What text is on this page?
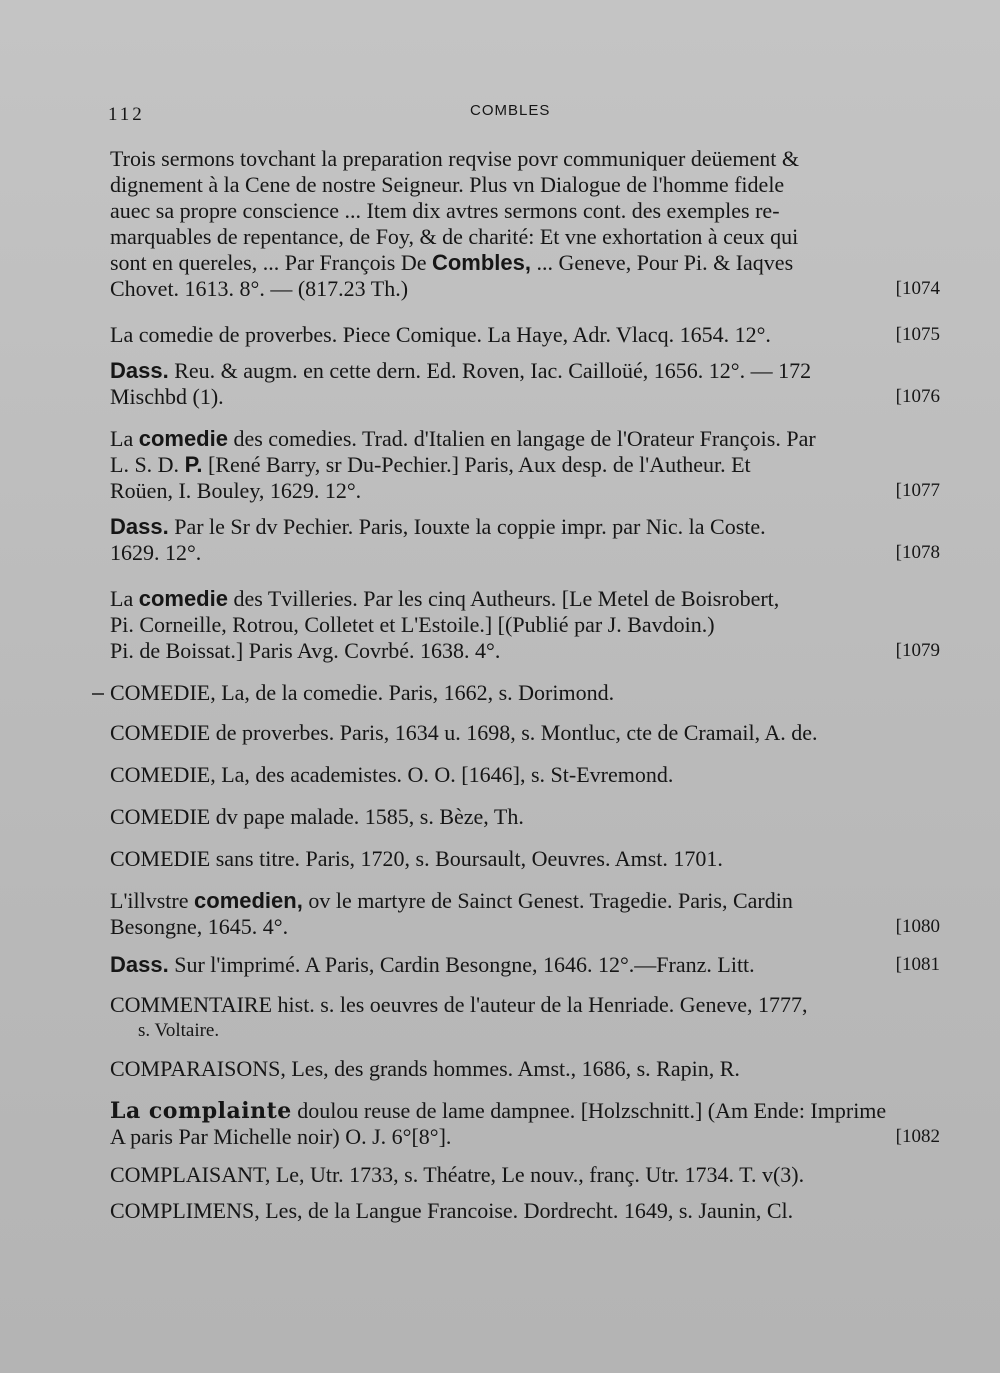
112	COMBLES
Trois sermons tovchant la preparation reqvise povr communiquer deüement &
dignement à la Cene de nostre Seigneur. Plus vn Dialogue de l'homme fidele
auec sa propre conscience ... Item dix avtres sermons cont. des exemples re-
marquables de repentance, de Foy, & de charité: Et vne exhortation à ceux qui
sont en quereles, ... Par François De Combles, ... Geneve, Pour Pi. & Iaqves
Chovet. 1613. 8°. — (817.23 Th.)	[1074
La comedie de proverbes. Piece Comique. La Haye, Adr. Vlacq. 1654. 12°.	[1075
Dass. Reu. & augm. en cette dern. Ed. Roven, Iac. Cailloüé, 1656. 12°. — 172
Mischbd (1).	[1076
La comedie des comedies. Trad. d'Italien en langage de l'Orateur François. Par
L. S. D. P. [René Barry, sr Du-Pechier.] Paris, Aux desp. de l'Autheur. Et
Roüen, I. Bouley, 1629. 12°.	[1077
Dass. Par le Sr dv Pechier. Paris, Iouxte la coppie impr. par Nic. la Coste.
1629. 12°.	[1078
La comedie des Tvilleries. Par les cinq Autheurs. [Le Metel de Boisrobert,
Pi. Corneille, Rotrou, Colletet et L'Estoile.] [(Publié par J. Bavdoin.)
Pi. de Boissat.] Paris Avg. Covrbé. 1638. 4°.	[1079
COMEDIE, La, de la comedie. Paris, 1662, s. Dorimond.
COMEDIE de proverbes. Paris, 1634 u. 1698, s. Montluc, cte de Cramail, A. de.
COMEDIE, La, des academistes. O. O. [1646], s. St-Evremond.
COMEDIE dv pape malade. 1585, s. Bèze, Th.
COMEDIE sans titre. Paris, 1720, s. Boursault, Oeuvres. Amst. 1701.
L'illvstre comedien, ov le martyre de Sainct Genest. Tragedie. Paris, Cardin
Besongne, 1645. 4°.	[1080
Dass. Sur l'imprimé. A Paris, Cardin Besongne, 1646. 12°.—Franz. Litt.	[1081
COMMENTAIRE hist. s. les oeuvres de l'auteur de la Henriade. Geneve, 1777,
s. Voltaire.
COMPARAISONS, Les, des grands hommes. Amst., 1686, s. Rapin, R.
La complainte doulou reuse de lame dampnee. [Holzschnitt.] (Am Ende: Imprime
A paris Par Michelle noir) O. J. 6°[8°].	[1082
COMPLAISANT, Le, Utr. 1733, s. Théatre, Le nouv., franç. Utr. 1734. T. v(3).
COMPLIMENS, Les, de la Langue Francoise. Dordrecht. 1649, s. Jaunin, Cl.
